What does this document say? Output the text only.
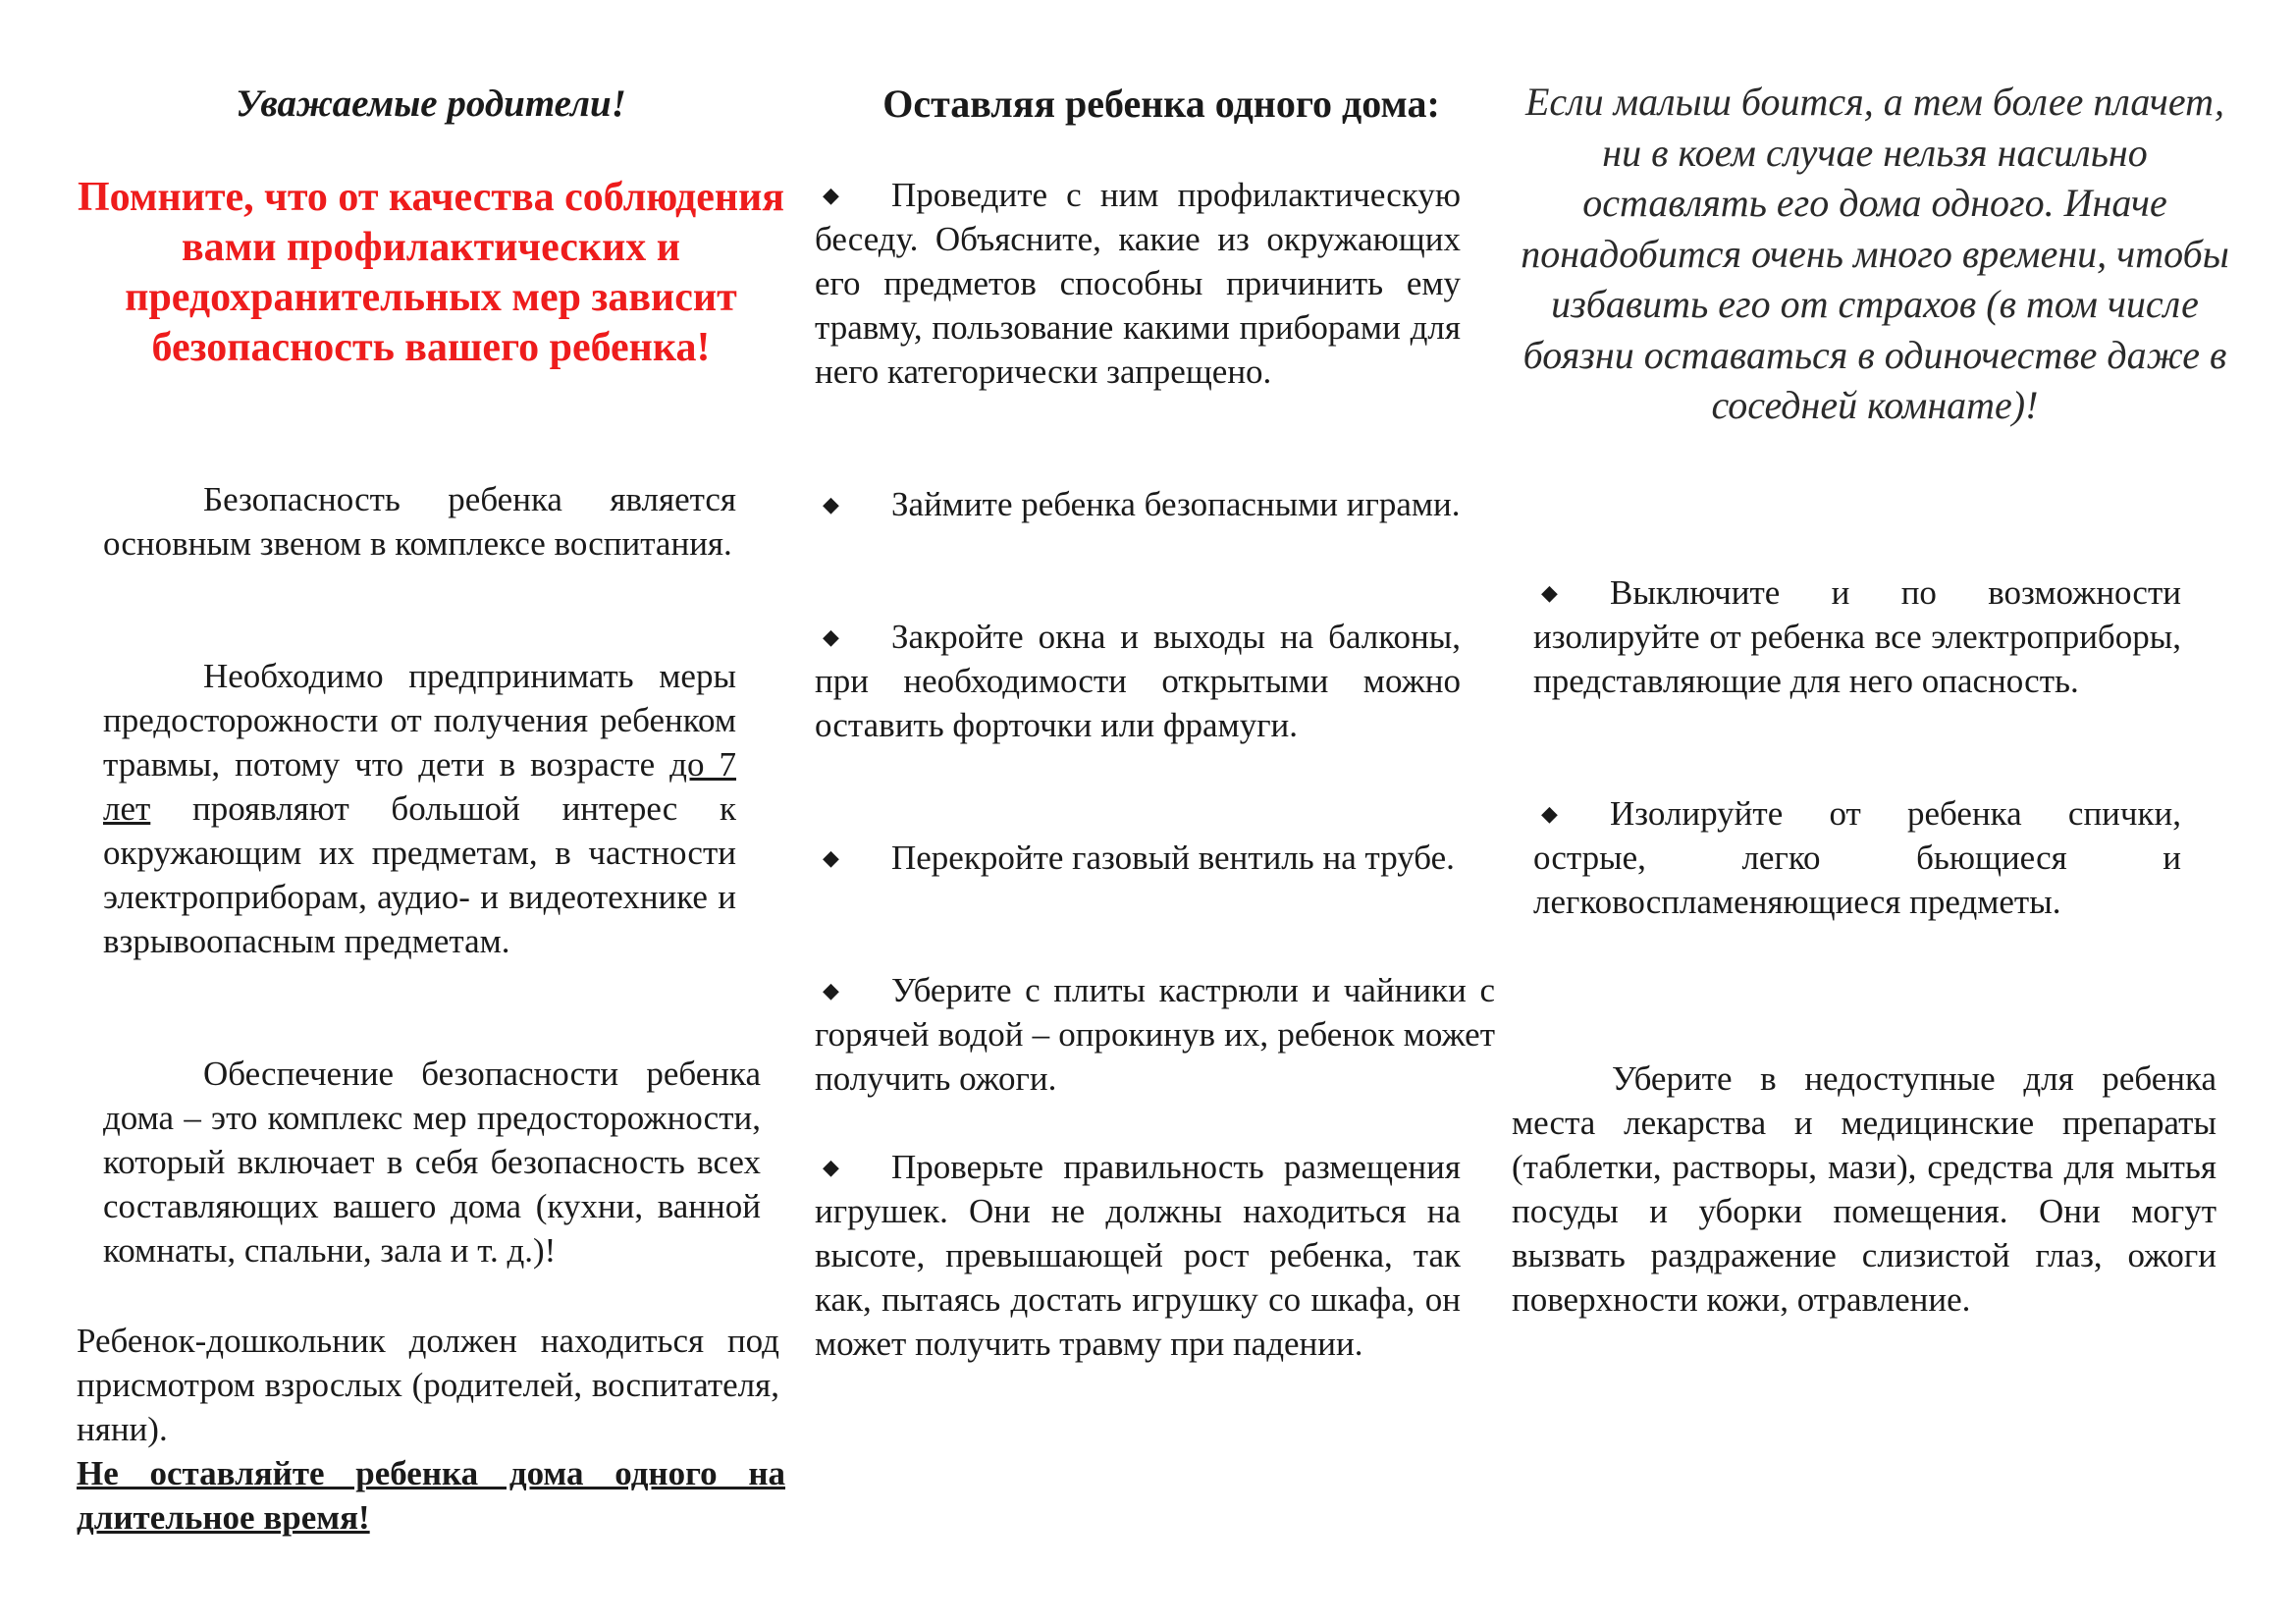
Уважаемые родители!
Помните, что от качества соблюдения вами профилактических и предохранительных мер зависит безопасность вашего ребенка!
Безопасность ребенка является основным звеном в комплексе воспитания.
Необходимо предпринимать меры предосторожности от получения ребенком травмы, потому что дети в возрасте до 7 лет проявляют большой интерес к окружающим их предметам, в частности электроприборам, аудио- и видеотехнике и взрывоопасным предметам.
Обеспечение безопасности ребенка дома – это комплекс мер предосторожности, который включает в себя безопасность всех составляющих вашего дома (кухни, ванной комнаты, спальни, зала и т. д.)!
Ребенок-дошкольник должен находиться под присмотром взрослых (родителей, воспитателя, няни).
Не оставляйте ребенка дома одного на длительное время!
Оставляя ребенка одного дома:
◆ Проведите с ним профилактическую беседу. Объясните, какие из окружающих его предметов способны причинить ему травму, пользование какими приборами для него категорически запрещено.
◆ Займите ребенка безопасными играми.
◆ Закройте окна и выходы на балконы, при необходимости открытыми можно оставить форточки или фрамуги.
◆ Перекройте газовый вентиль на трубе.
◆ Уберите с плиты кастрюли и чайники с горячей водой – опрокинув их, ребенок может получить ожоги.
◆ Проверьте правильность размещения игрушек. Они не должны находиться на высоте, превышающей рост ребенка, так как, пытаясь достать игрушку со шкафа, он может получить травму при падении.
Если малыш боится, а тем более плачет, ни в коем случае нельзя насильно оставлять его дома одного. Иначе понадобится очень много времени, чтобы избавить его от страхов (в том числе боязни оставаться в одиночестве даже в соседней комнате)!
◆ Выключите и по возможности изолируйте от ребенка все электроприборы, представляющие для него опасность.
◆ Изолируйте от ребенка спички, острые, легко бьющиеся и легковоспламеняющиеся предметы.
Уберите в недоступные для ребенка места лекарства и медицинские препараты (таблетки, растворы, мази), средства для мытья посуды и уборки помещения. Они могут вызвать раздражение слизистой глаз, ожоги поверхности кожи, отравление.
